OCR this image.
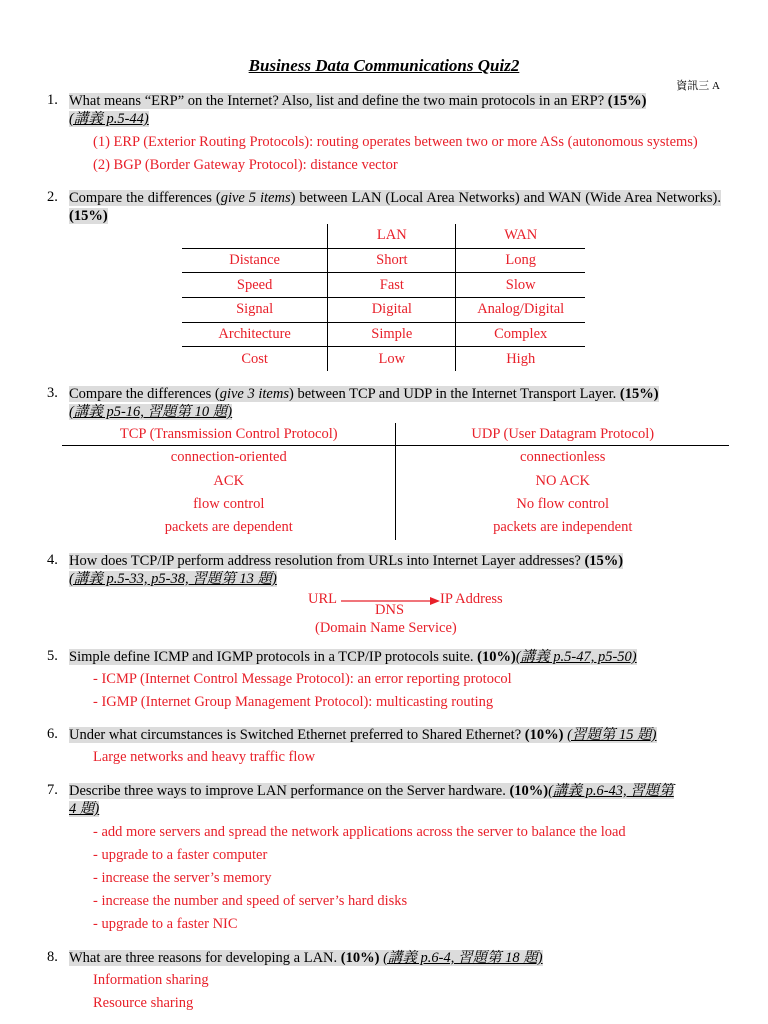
Business Data Communications Quiz2
資訊三 A
1. What means “ERP” on the Internet? Also, list and define the two main protocols in an ERP? (15%)
(講義 p.5-44)
(1) ERP (Exterior Routing Protocols): routing operates between two or more ASs (autonomous systems)
(2) BGP (Border Gateway Protocol): distance vector
2. Compare the differences (give 5 items) between LAN (Local Area Networks) and WAN (Wide Area Networks). (15%)
	LAN	WAN
Distance	Short	Long
Speed	Fast	Slow
Signal	Digital	Analog/Digital
Architecture	Simple	Complex
Cost	Low	High
3. Compare the differences (give 3 items) between TCP and UDP in the Internet Transport Layer. (15%)
(講義 p5-16, 習題第 10 題)
TCP (Transmission Control Protocol)	UDP (User Datagram Protocol)
connection-oriented	connectionless
ACK	NO ACK
flow control	No flow control
packets are dependent	packets are independent
4. How does TCP/IP perform address resolution from URLs into Internet Layer addresses? (15%)
(講義 p.5-33, p5-38, 習題第 13 題)
URL	IP Address
DNS
(Domain Name Service)
5. Simple define ICMP and IGMP protocols in a TCP/IP protocols suite. (10%)(講義 p.5-47, p5-50)
- ICMP (Internet Control Message Protocol): an error reporting protocol
- IGMP (Internet Group Management Protocol): multicasting routing
6. Under what circumstances is Switched Ethernet preferred to Shared Ethernet? (10%) (習題第 15 題)
Large networks and heavy traffic flow
7. Describe three ways to improve LAN performance on the Server hardware. (10%)(講義 p.6-43, 習題第
4 題)
- add more servers and spread the network applications across the server to balance the load
- upgrade to a faster computer
- increase the server’s memory
- increase the number and speed of server’s hard disks
- upgrade to a faster NIC
8. What are three reasons for developing a LAN. (10%) (講義 p.6-4, 習題第 18 題)
Information sharing
Resource sharing
